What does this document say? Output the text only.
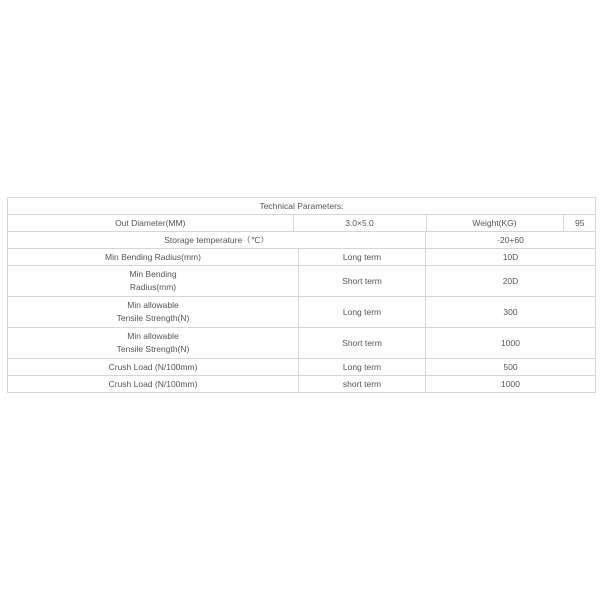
Technical Parameters:

Out Diameter(MM)	3.0×5.0	Weight(KG)	95

Storage temperature（℃）	-20+60
Min Bending Radius(mm)	Long term	10D
Min Bending
Radius(mm)	Short term	20D
Min allowable
Tensile Strength(N)	Long term	300
Min allowable
Tensile Strength(N)	Short term	1000
Crush Load (N/100mm)	Long term	500
Crush Load (N/100mm)	short term	1000
